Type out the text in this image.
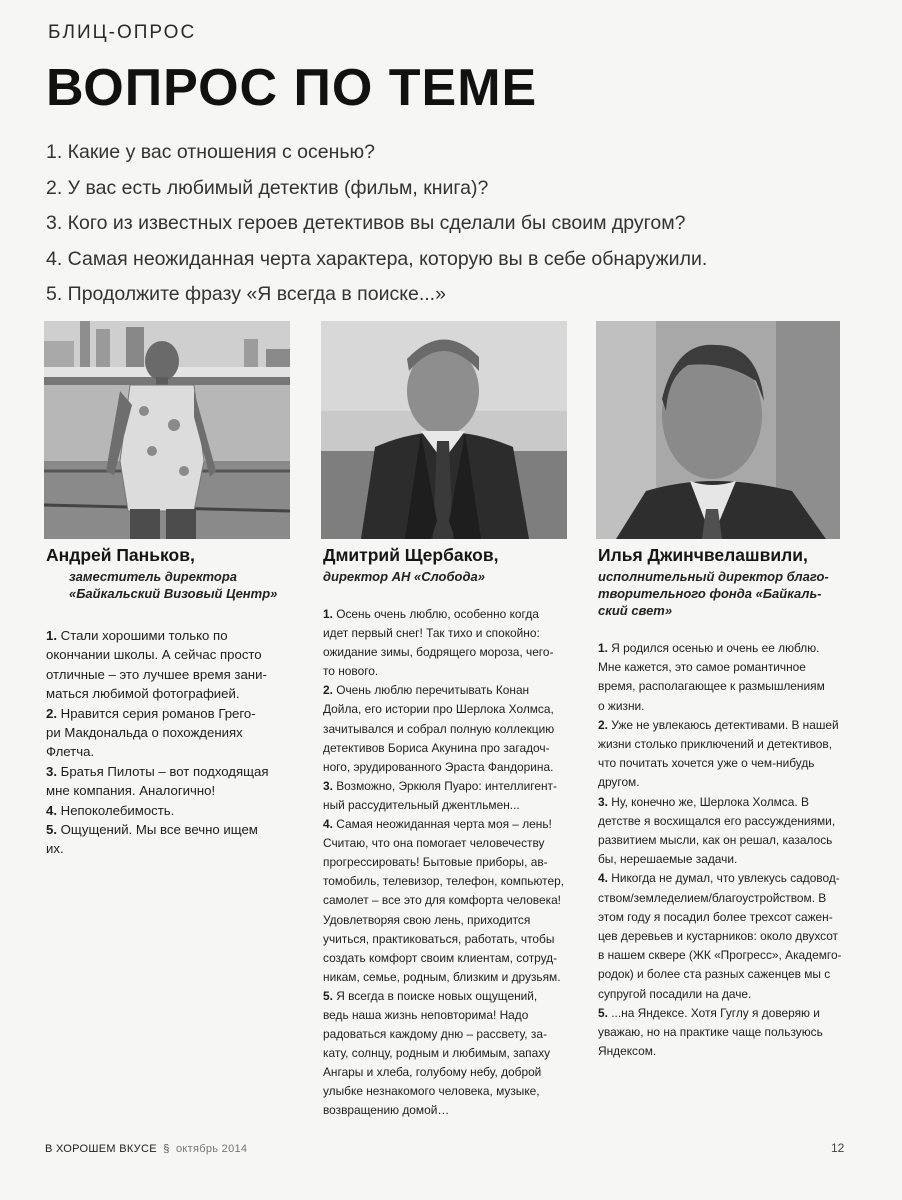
БЛИЦ-ОПРОС
ВОПРОС ПО ТЕМЕ
1. Какие у вас отношения с осенью?
2. У вас есть любимый детектив (фильм, книга)?
3. Кого из известных героев детективов вы сделали бы своим другом?
4. Самая неожиданная черта характера, которую вы в себе обнаружили.
5. Продолжите фразу «Я всегда в поиске...»
Андрей Паньков,
заместитель директора
«Байкальский Визовый Центр»
1. Стали хорошими только по
окончании школы. А сейчас просто
отличные – это лучшее время зани-
маться любимой фотографией.
2. Нравится серия романов Грего-
ри Макдональда о похождениях
Флетча.
3. Братья Пилоты – вот подходящая
мне компания. Аналогично!
4. Непоколебимость.
5. Ощущений. Мы все вечно ищем
их.
Дмитрий Щербаков,
директор АН «Слобода»
1. Осень очень люблю, особенно когда
идет первый снег! Так тихо и спокойно:
ожидание зимы, бодрящего мороза, чего-
то нового.
2. Очень люблю перечитывать Конан
Дойла, его истории про Шерлока Холмса,
зачитывался и собрал полную коллекцию
детективов Бориса Акунина про загадоч-
ного, эрудированного Эраста Фандорина.
3. Возможно, Эркюля Пуаро: интеллигент-
ный рассудительный джентльмен...
4. Самая неожиданная черта моя – лень!
Считаю, что она помогает человечеству
прогрессировать! Бытовые приборы, ав-
томобиль, телевизор, телефон, компьютер,
самолет – все это для комфорта человека!
Удовлетворяя свою лень, приходится
учиться, практиковаться, работать, чтобы
создать комфорт своим клиентам, сотруд-
никам, семье, родным, близким и друзьям.
5. Я всегда в поиске новых ощущений,
ведь наша жизнь неповторима! Надо
радоваться каждому дню – рассвету, за-
кату, солнцу, родным и любимым, запаху
Ангары и хлеба, голубому небу, доброй
улыбке незнакомого человека, музыке,
возвращению домой…
Илья Джинчвелашвили,
исполнительный директор благо-
творительного фонда «Байкаль-
ский свет»
1. Я родился осенью и очень ее люблю.
Мне кажется, это самое романтичное
время, располагающее к размышлениям
о жизни.
2. Уже не увлекаюсь детективами. В нашей
жизни столько приключений и детективов,
что почитать хочется уже о чем-нибудь
другом.
3. Ну, конечно же, Шерлока Холмса. В
детстве я восхищался его рассуждениями,
развитием мысли, как он решал, казалось
бы, нерешаемые задачи.
4. Никогда не думал, что увлекусь садовод-
ством/земледелием/благоустройством. В
этом году я посадил более трехсот сажен-
цев деревьев и кустарников: около двухсот
в нашем сквере (ЖК «Прогресс», Академго-
родок) и более ста разных саженцев мы с
супругой посадили на даче.
5. ...на Яндексе. Хотя Гуглу я доверяю и
уважаю, но на практике чаще пользуюсь
Яндексом.
В ХОРОШЕМ ВКУСЕ § октябрь 2014	12
